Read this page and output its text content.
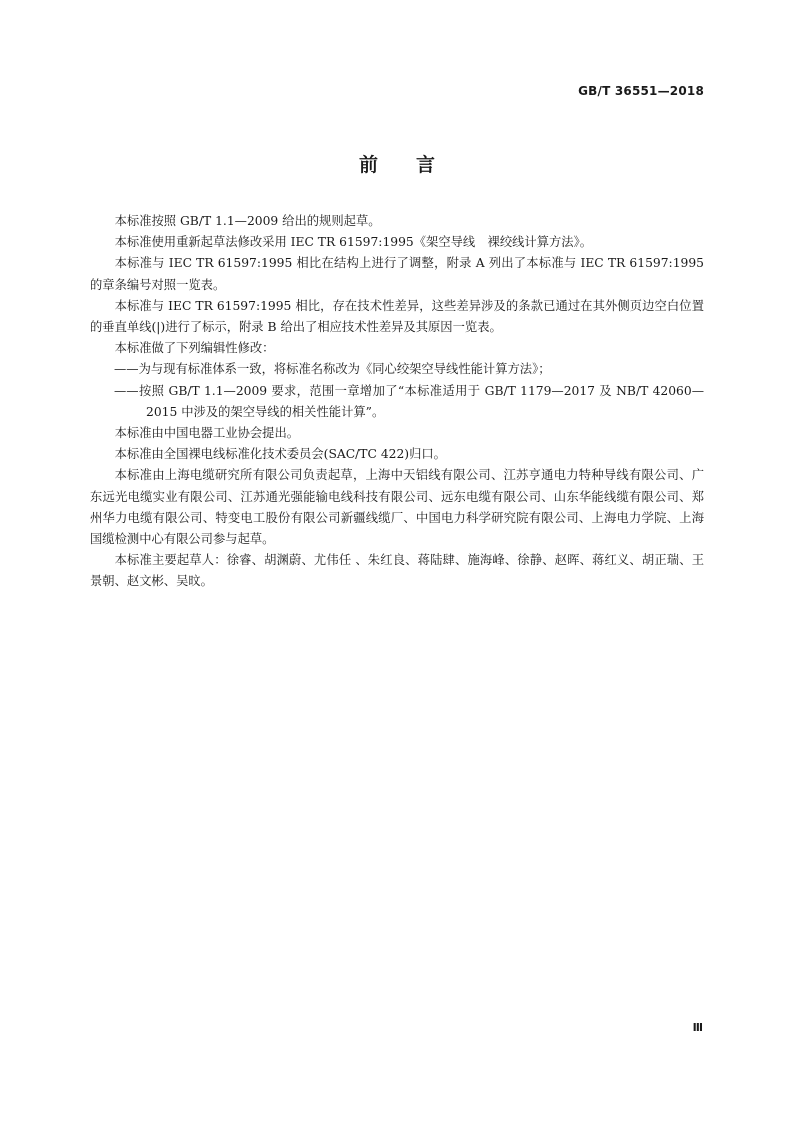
GB/T 36551—2018
前言

本标准按照 GB/T 1.1—2009 给出的规则起草。

本标准使用重新起草法修改采用 IEC TR 61597:1995《架空导线　裸绞线计算方法》。

本标准与 IEC TR 61597:1995 相比在结构上进行了调整，附录 A 列出了本标准与 IEC TR 61597:1995 的章条编号对照一览表。

本标准与 IEC TR 61597:1995 相比，存在技术性差异，这些差异涉及的条款已通过在其外侧页边空白位置的垂直单线(|)进行了标示，附录 B 给出了相应技术性差异及其原因一览表。

本标准做了下列编辑性修改：

——为与现有标准体系一致，将标准名称改为《同心绞架空导线性能计算方法》；

——按照 GB/T 1.1—2009 要求，范围一章增加了“本标准适用于 GB/T 1179—2017 及 NB/T 42060—2015 中涉及的架空导线的相关性能计算”。

本标准由中国电器工业协会提出。

本标准由全国裸电线标准化技术委员会(SAC/TC 422)归口。

本标准由上海电缆研究所有限公司负责起草，上海中天铝线有限公司、江苏亨通电力特种导线有限公司、广东远光电缆实业有限公司、江苏通光强能输电线科技有限公司、远东电缆有限公司、山东华能线缆有限公司、郑州华力电缆有限公司、特变电工股份有限公司新疆线缆厂、中国电力科学研究院有限公司、上海电力学院、上海国缆检测中心有限公司参与起草。

本标准主要起草人：徐睿、胡渊蔚、尤伟任 、朱红良、蒋陆肆、施海峰、徐静、赵晖、蒋红义、胡正瑞、王景朝、赵文彬、吴旼。

Ⅲ
